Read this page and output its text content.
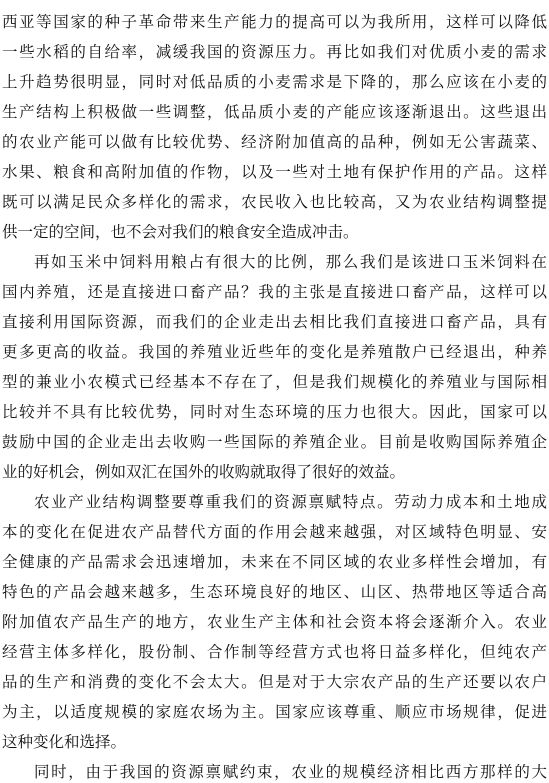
西亚等国家的种子革命带来生产能力的提高可以为我所用，这样可以降低

一些水稻的自给率，减缓我国的资源压力。再比如我们对优质小麦的需求

上升趋势很明显，同时对低品质的小麦需求是下降的，那么应该在小麦的

生产结构上积极做一些调整，低品质小麦的产能应该逐渐退出。这些退出

的农业产能可以做有比较优势、经济附加值高的品种，例如无公害蔬菜、

水果、粮食和高附加值的作物，以及一些对土地有保护作用的产品。这样

既可以满足民众多样化的需求，农民收入也比较高，又为农业结构调整提

供一定的空间，也不会对我们的粮食安全造成冲击。

再如玉米中饲料用粮占有很大的比例，那么我们是该进口玉米饲料在

国内养殖，还是直接进口畜产品？我的主张是直接进口畜产品，这样可以

直接利用国际资源，而我们的企业走出去相比我们直接进口畜产品，具有

更多更高的收益。我国的养殖业近些年的变化是养殖散户已经退出，种养

型的兼业小农模式已经基本不存在了，但是我们规模化的养殖业与国际相

比较并不具有比较优势，同时对生态环境的压力也很大。因此，国家可以

鼓励中国的企业走出去收购一些国际的养殖企业。目前是收购国际养殖企

业的好机会，例如双汇在国外的收购就取得了很好的效益。

农业产业结构调整要尊重我们的资源禀赋特点。劳动力成本和土地成

本的变化在促进农产品替代方面的作用会越来越强，对区域特色明显、安

全健康的产品需求会迅速增加，未来在不同区域的农业多样性会增加，有

特色的产品会越来越多，生态环境良好的地区、山区、热带地区等适合高

附加值农产品生产的地方，农业生产主体和社会资本将会逐渐介入。农业

经营主体多样化，股份制、合作制等经营方式也将日益多样化，但纯农产

品的生产和消费的变化不会太大。但是对于大宗农产品的生产还要以农户

为主，以适度规模的家庭农场为主。国家应该尊重、顺应市场规律，促进

这种变化和选择。

同时，由于我国的资源禀赋约束，农业的规模经济相比西方那样的大
